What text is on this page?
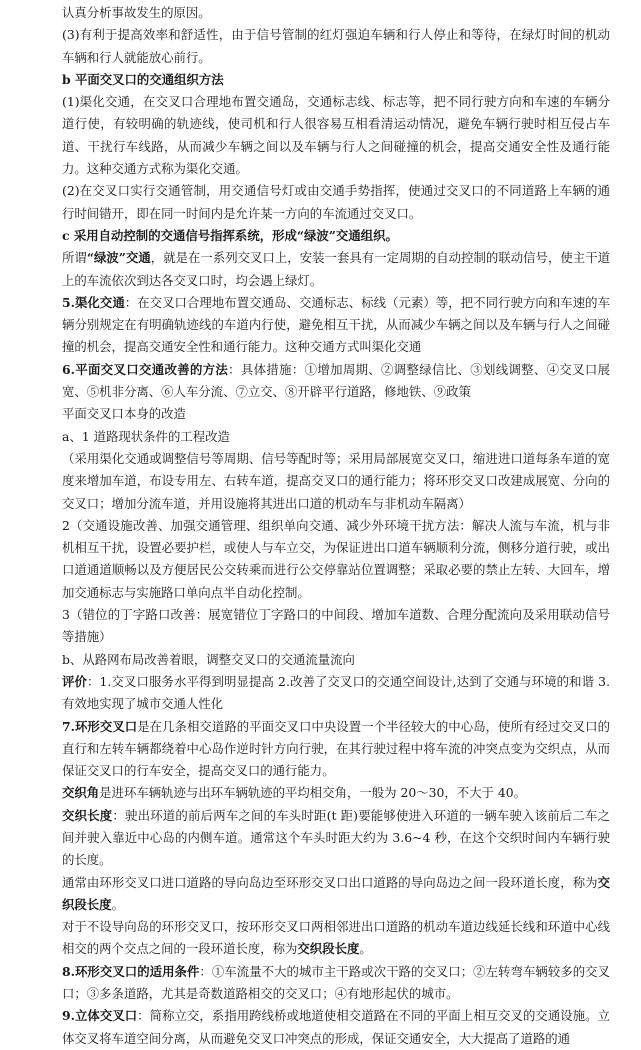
认真分析事故发生的原因。

(3)有利于提高效率和舒适性，由于信号管制的红灯强迫车辆和行人停止和等待，在绿灯时间的机动车辆和行人就能放心前行。

b 平面交叉口的交通组织方法

(1)渠化交通，在交叉口合理地布置交通岛，交通标志线、标志等，把不同行驶方向和车速的车辆分道行使，有较明确的轨迹线，使司机和行人很容易互相看清运动情况，避免车辆行驶时相互侵占车道、干扰行车线路，从而减少车辆之间以及车辆与行人之间碰撞的机会，提高交通安全性及通行能力。这种交通方式称为渠化交通。

(2)在交叉口实行交通管制，用交通信号灯或由交通手势指挥，使通过交叉口的不同道路上车辆的通行时间错开，即在同一时间内是允许某一方向的车流通过交叉口。

c 采用自动控制的交通信号指挥系统，形成“绿波”交通组织。

所谓“绿波”交通，就是在一系列交叉口上，安装一套具有一定周期的自动控制的联动信号，使主干道上的车流依次到达各交叉口时，均会遇上绿灯。

5.渠化交通：在交叉口合理地布置交通岛、交通标志、标线（元素）等，把不同行驶方向和车速的车辆分别规定在有明确轨迹线的车道内行使，避免相互干扰，从而减少车辆之间以及车辆与行人之间碰撞的机会，提高交通安全性和通行能力。这种交通方式叫渠化交通

6.平面交叉口交通改善的方法：具体措施：①增加周期、②调整绿信比、③划线调整、④交叉口展宽、⑤机非分离、⑥人车分流、⑦立交、⑧开辟平行道路，修地铁、⑨政策

平面交叉口本身的改造

a、1 道路现状条件的工程改造

（采用渠化交通或调整信号等周期、信号等配时等；采用局部展宽交叉口，缩进进口道每条车道的宽度来增加车道，布设专用左、右转车道，提高交叉口的通行能力；将环形交叉口改建成展宽、分向的交叉口；增加分流车道，并用设施将其进出口道的机动车与非机动车隔离）

2（交通设施改善、加强交通管理、组织单向交通、减少外环境干扰方法：解决人流与车流，机与非机相互干扰，设置必要护栏，或使人与车立交，为保证进出口道车辆顺利分流，侧移分道行驶，或出口道通道顺畅以及方便居民公交转乘而进行公交停靠站位置调整；采取必要的禁止左转、大回车，增加交通标志与实施路口单向点半自动化控制。

3（错位的丁字路口改善：展宽错位丁字路口的中间段、增加车道数、合理分配流向及采用联动信号等措施）

b、从路网布局改善着眼，调整交叉口的交通流量流向

评价：1.交叉口服务水平得到明显提高 2.改善了交叉口的交通空间设计,达到了交通与环境的和谐 3. 有效地实现了城市交通人性化

7.环形交叉口是在几条相交道路的平面交叉口中央设置一个半径较大的中心岛，使所有经过交叉口的直行和左转车辆都绕着中心岛作逆时针方向行驶，在其行驶过程中将车流的冲突点变为交织点，从而保证交叉口的行车安全，提高交叉口的通行能力。

交织角是进环车辆轨迹与出环车辆轨迹的平均相交角，一般为 20～30，不大于 40。

交织长度：驶出环道的前后两车之间的车头时距(t 距)要能够使进入环道的一辆车驶入该前后二车之间并驶入靠近中心岛的内侧车道。通常这个车头时距大约为 3.6~4 秒，在这个交织时间内车辆行驶的长度。

通常由环形交叉口进口道路的导向岛边至环形交叉口出口道路的导向岛边之间一段环道长度，称为交织段长度。

对于不设导向岛的环形交叉口，按环形交叉口两相邻进出口道路的机动车道边线延长线和环道中心线相交的两个交点之间的一段环道长度，称为交织段长度。

8.环形交叉口的适用条件：①车流量不大的城市主干路或次干路的交叉口；②左转弯车辆较多的交叉口；③多条道路，尤其是奇数道路相交的交叉口；④有地形起伏的城市。

9.立体交叉口：简称立交，系指用跨线桥或地道使相交道路在不同的平面上相互交叉的交通设施。立体交叉将车道空间分离，从而避免交叉口冲突点的形成，保证交通安全，大大提高了道路的通
